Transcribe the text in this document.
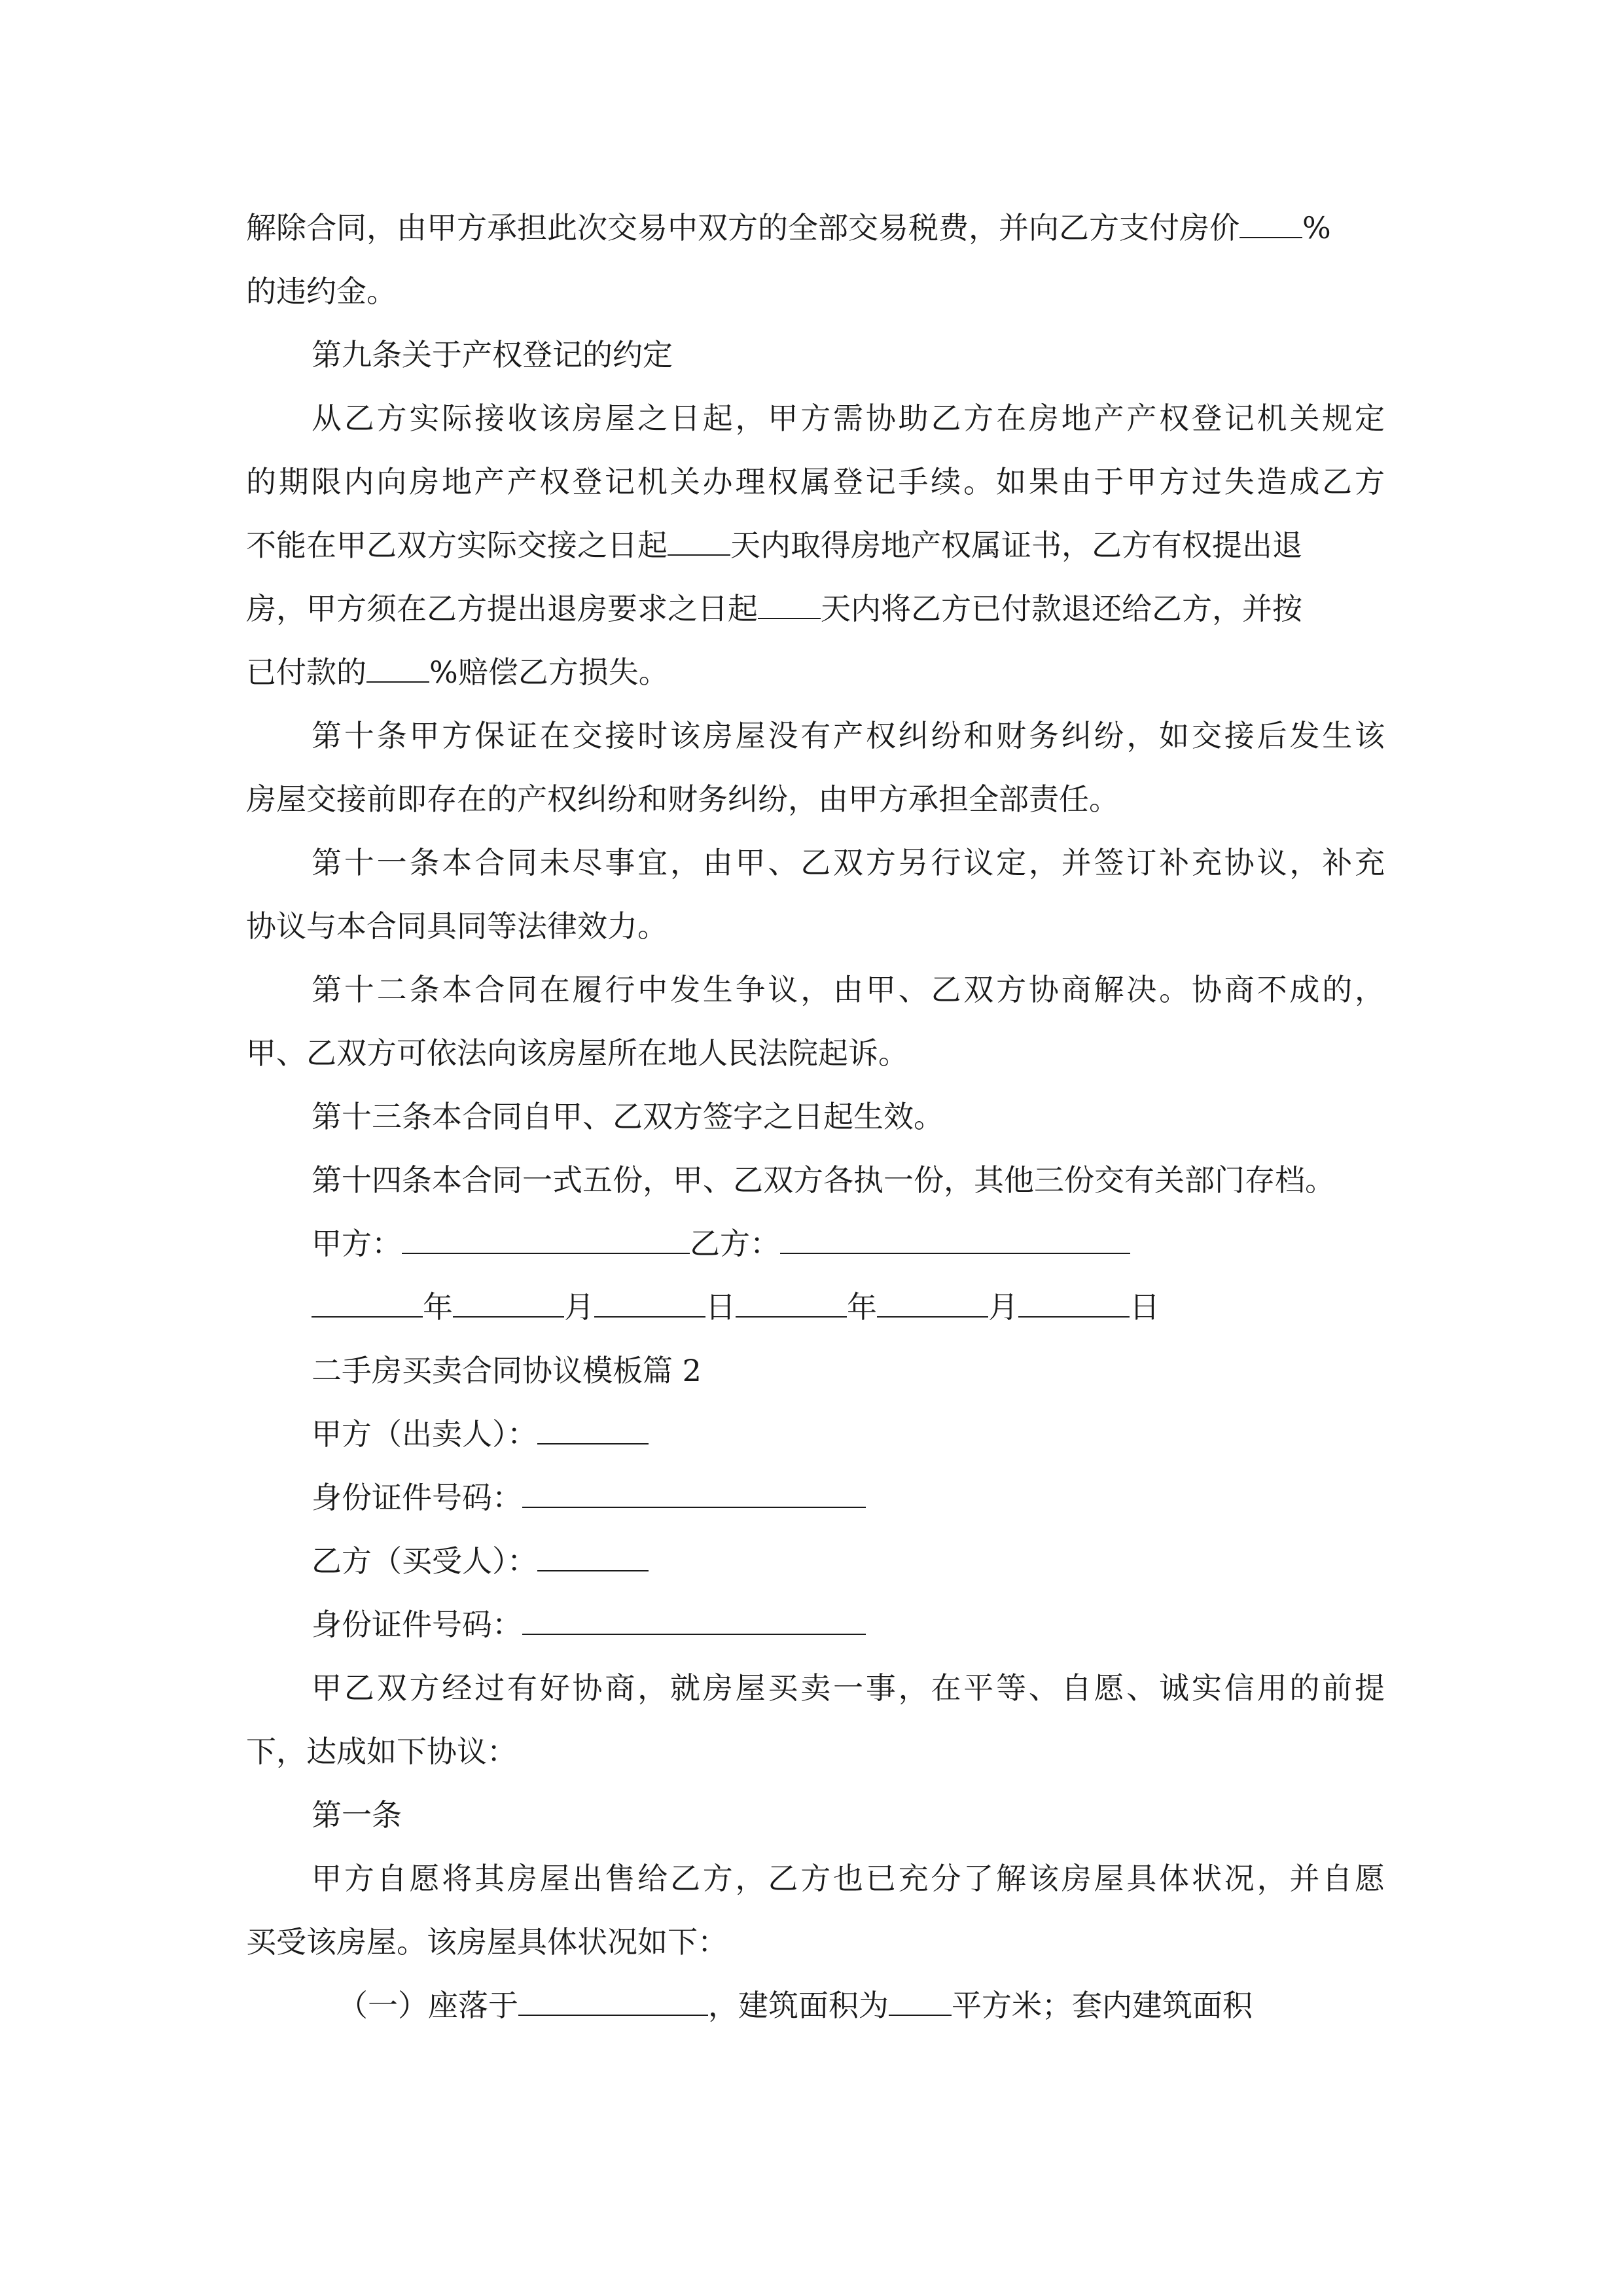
解除合同，由甲方承担此次交易中双方的全部交易税费，并向乙方支付房价 %
的违约金。
第九条关于产权登记的约定
从乙方实际接收该房屋之日起，甲方需协助乙方在房地产产权登记机关规定
的期限内向房地产产权登记机关办理权属登记手续。如果由于甲方过失造成乙方
不能在甲乙双方实际交接之日起 天内取得房地产权属证书，乙方有权提出退
房，甲方须在乙方提出退房要求之日起 天内将乙方已付款退还给乙方，并按
已付款的 %赔偿乙方损失。
第十条甲方保证在交接时该房屋没有产权纠纷和财务纠纷，如交接后发生该
房屋交接前即存在的产权纠纷和财务纠纷，由甲方承担全部责任。
第十一条本合同未尽事宜，由甲、乙双方另行议定，并签订补充协议，补充
协议与本合同具同等法律效力。
第十二条本合同在履行中发生争议，由甲、乙双方协商解决。协商不成的，
甲、乙双方可依法向该房屋所在地人民法院起诉。
第十三条本合同自甲、乙双方签字之日起生效。
第十四条本合同一式五份，甲、乙双方各执一份，其他三份交有关部门存档。
甲方：	乙方：
年	月	日	年	月	日
二手房买卖合同协议模板篇 2
甲方（出卖人）：
身份证件号码：
乙方（买受人）：
身份证件号码：
甲乙双方经过有好协商，就房屋买卖一事，在平等、自愿、诚实信用的前提
下，达成如下协议：
第一条
甲方自愿将其房屋出售给乙方，乙方也已充分了解该房屋具体状况，并自愿
买受该房屋。该房屋具体状况如下：
（一）座落于	，建筑面积为 平方米；套内建筑面积
